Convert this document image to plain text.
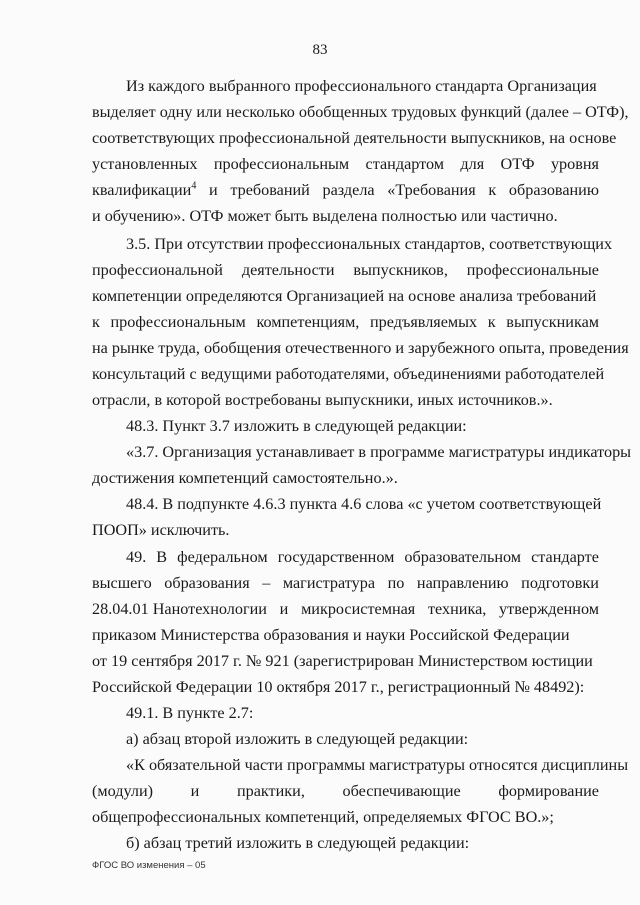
83
Из каждого выбранного профессионального стандарта Организация
выделяет одну или несколько обобщенных трудовых функций (далее – ОТФ),
соответствующих профессиональной деятельности выпускников, на основе
установленных профессиональным стандартом для ОТФ уровня
квалификации$^4$ и требований раздела «Требования к образованию
и обучению». ОТФ может быть выделена полностью или частично.
3.5. При отсутствии профессиональных стандартов, соответствующих
профессиональной деятельности выпускников, профессиональные
компетенции определяются Организацией на основе анализа требований
к профессиональным компетенциям, предъявляемых к выпускникам
на рынке труда, обобщения отечественного и зарубежного опыта, проведения
консультаций с ведущими работодателями, объединениями работодателей
отрасли, в которой востребованы выпускники, иных источников.».
48.3. Пункт 3.7 изложить в следующей редакции:
«3.7. Организация устанавливает в программе магистратуры индикаторы
достижения компетенций самостоятельно.».
48.4. В подпункте 4.6.3 пункта 4.6 слова «с учетом соответствующей
ПООП» исключить.
49. В федеральном государственном образовательном стандарте
высшего образования – магистратура по направлению подготовки
28.04.01 Нанотехнологии и микросистемная техника, утвержденном
приказом Министерства образования и науки Российской Федерации
от 19 сентября 2017 г. № 921 (зарегистрирован Министерством юстиции
Российской Федерации 10 октября 2017 г., регистрационный № 48492):
49.1. В пункте 2.7:
а) абзац второй изложить в следующей редакции:
«К обязательной части программы магистратуры относятся дисциплины
(модули) и практики, обеспечивающие формирование
общепрофессиональных компетенций, определяемых ФГОС ВО.»;
б) абзац третий изложить в следующей редакции:
ФГОС ВО изменения – 05
